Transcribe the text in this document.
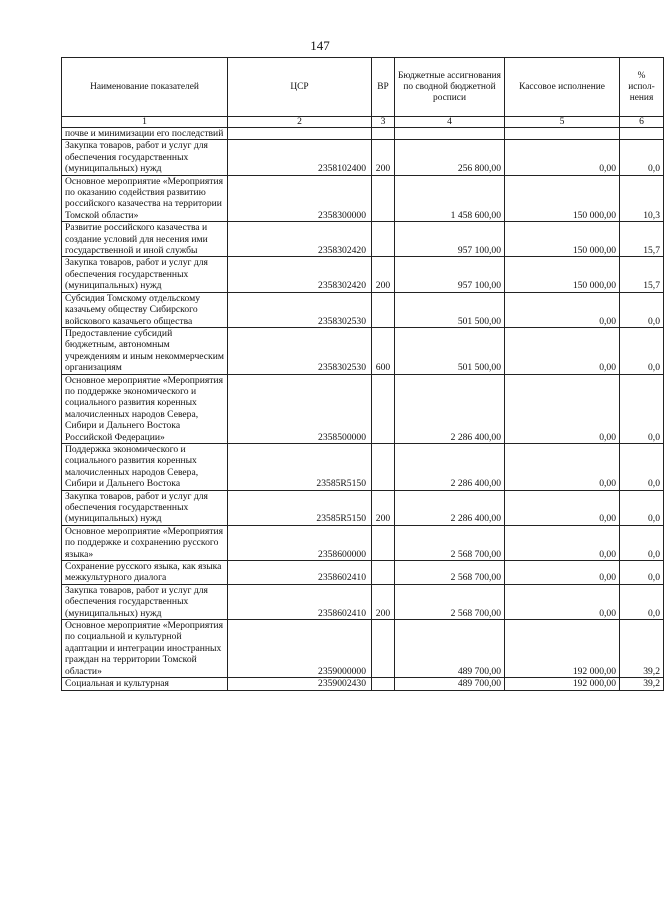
147
Наименование показателей	ЦСР	ВР	Бюджетные ассигнования по сводной бюджетной росписи	Кассовое исполнение	% испол-нения
1	2	3	4	5	6
почве и минимизации его последствий					
Закупка товаров, работ и услуг для обеспечения государственных (муниципальных) нужд	2358102400	200	256 800,00	0,00	0,0
Основное мероприятие «Мероприятия по оказанию содействия развитию российского казачества на территории Томской области»	2358300000		1 458 600,00	150 000,00	10,3
Развитие российского казачества и создание условий для несения ими государственной и иной службы	2358302420		957 100,00	150 000,00	15,7
Закупка товаров, работ и услуг для обеспечения государственных (муниципальных) нужд	2358302420	200	957 100,00	150 000,00	15,7
Субсидия Томскому отдельскому казачьему обществу Сибирского войскового казачьего общества	2358302530		501 500,00	0,00	0,0
Предоставление субсидий бюджетным, автономным учреждениям и иным некоммерческим организациям	2358302530	600	501 500,00	0,00	0,0
Основное мероприятие «Мероприятия по поддержке экономического и социального развития коренных малочисленных народов Севера, Сибири и Дальнего Востока Российской Федерации»	2358500000		2 286 400,00	0,00	0,0
Поддержка экономического и социального развития коренных малочисленных народов Севера, Сибири и Дальнего Востока	23585R5150		2 286 400,00	0,00	0,0
Закупка товаров, работ и услуг для обеспечения государственных (муниципальных) нужд	23585R5150	200	2 286 400,00	0,00	0,0
Основное мероприятие «Мероприятия по поддержке и сохранению русского языка»	2358600000		2 568 700,00	0,00	0,0
Сохранение русского языка, как языка межкультурного диалога	2358602410		2 568 700,00	0,00	0,0
Закупка товаров, работ и услуг для обеспечения государственных (муниципальных) нужд	2358602410	200	2 568 700,00	0,00	0,0
Основное мероприятие «Мероприятия по социальной и культурной адаптации и интеграции иностранных граждан на территории Томской области»	2359000000		489 700,00	192 000,00	39,2
Социальная и культурная	2359002430		489 700,00	192 000,00	39,2
